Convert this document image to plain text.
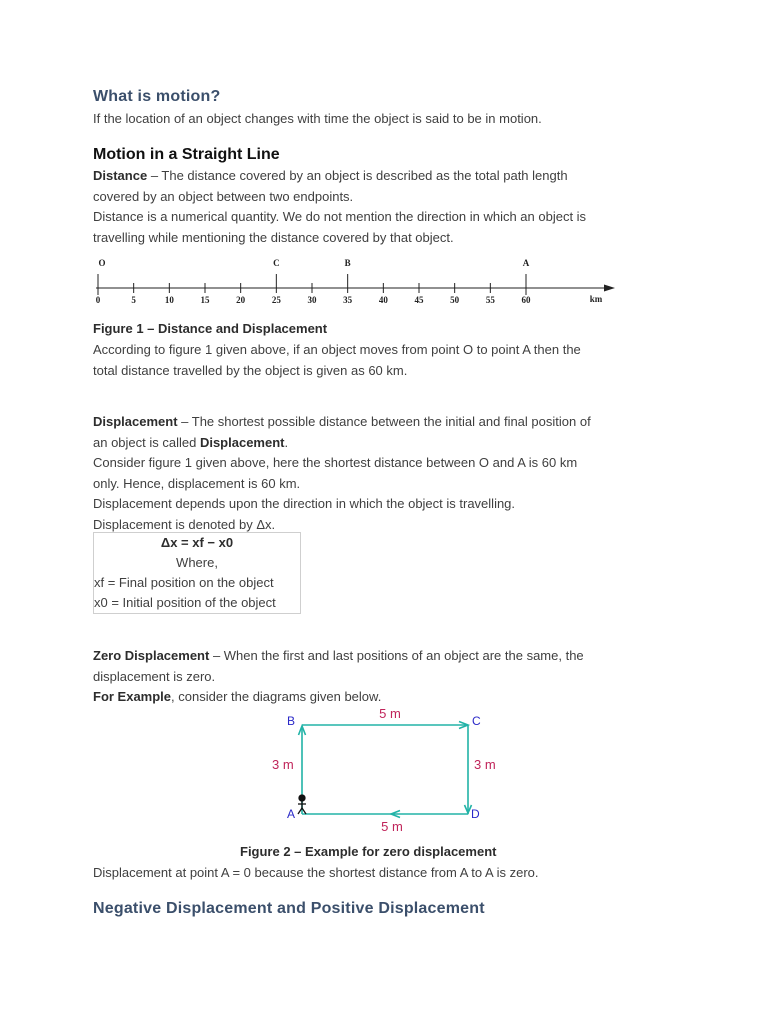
What is motion?
If the location of an object changes with time the object is said to be in motion.
Motion in a Straight Line
Distance – The distance covered by an object is described as the total path length
covered by an object between two endpoints.
Distance is a numerical quantity. We do not mention the direction in which an object is
travelling while mentioning the distance covered by that object.
0	5	10	15	20	25	30	35	40	45	50	55	60
O	C	B	A
km
Figure 1 – Distance and Displacement
According to figure 1 given above, if an object moves from point O to point A then the
total distance travelled by the object is given as 60 km.
Displacement – The shortest possible distance between the initial and final position of
an object is called Displacement.
Consider figure 1 given above, here the shortest distance between O and A is 60 km
only. Hence, displacement is 60 km.
Displacement depends upon the direction in which the object is travelling.
Displacement is denoted by Δx.
Δx = xf − x0
Where,
xf = Final position on the object
x0 = Initial position of the object
Zero Displacement – When the first and last positions of an object are the same, the
displacement is zero.
For Example, consider the diagrams given below.
B	C
D
A
5 m
5 m
3 m	3 m
Figure 2 – Example for zero displacement
Displacement at point A = 0 because the shortest distance from A to A is zero.
Negative Displacement and Positive Displacement
